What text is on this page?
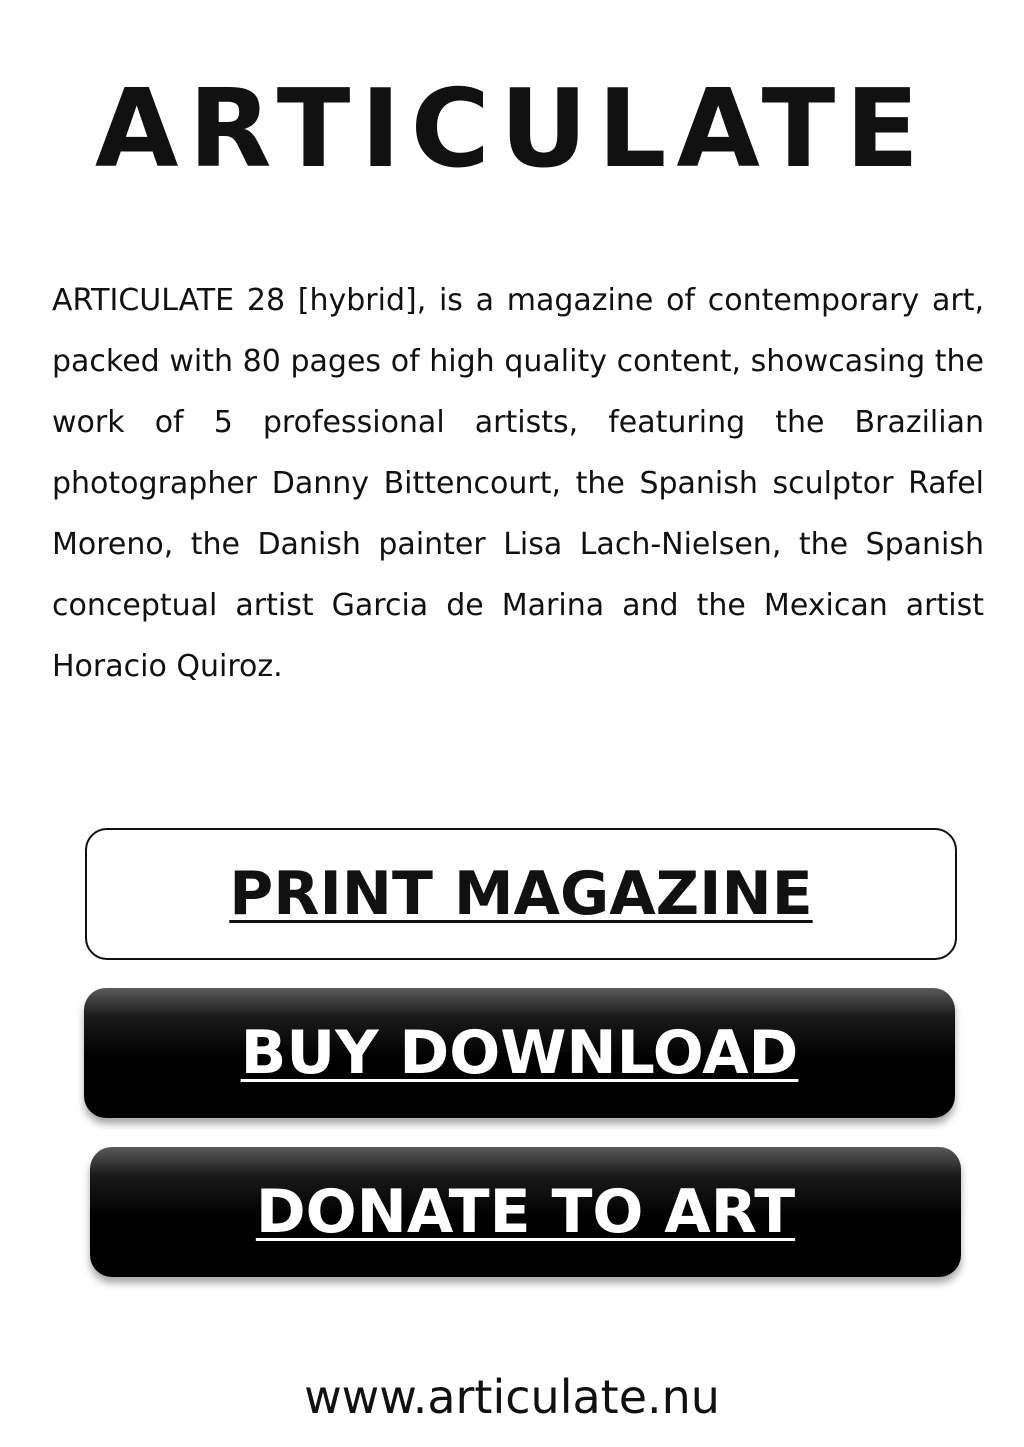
ARTICULATE

ARTICULATE 28 [hybrid], is a magazine of contemporary art, packed with 80 pages of high quality content, showcasing the work of 5 professional artists, featuring the Brazilian photographer Danny Bittencourt, the Spanish sculptor Rafel Moreno, the Danish painter Lisa Lach-Nielsen, the Spanish conceptual artist Garcia de Marina and the Mexican artist Horacio Quiroz.

PRINT MAGAZINE
BUY DOWNLOAD
DONATE TO ART
www.articulate.nu
